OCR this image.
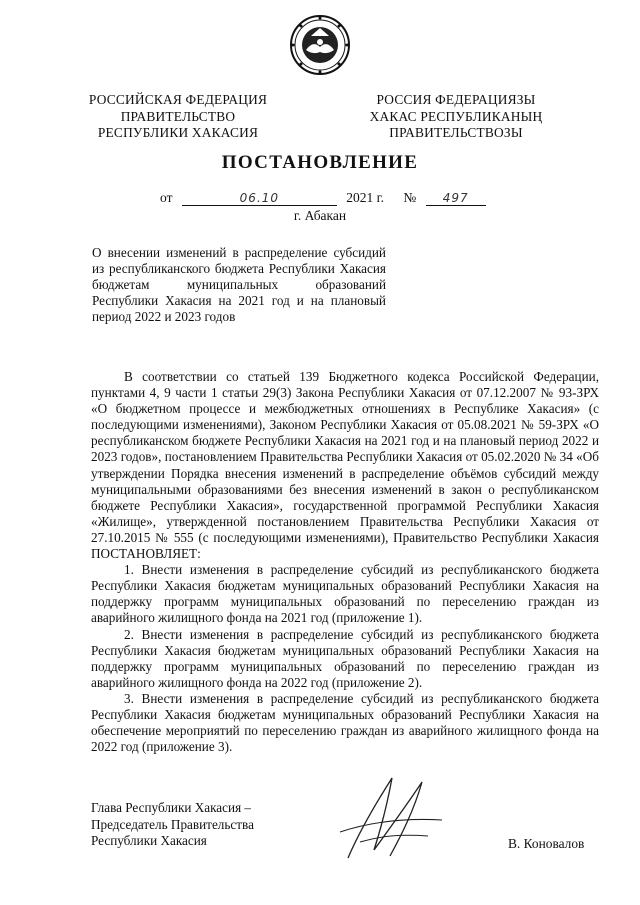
РОССИЙСКАЯ ФЕДЕРАЦИЯ
ПРАВИТЕЛЬСТВО
РЕСПУБЛИКИ ХАКАСИЯ
РОССИЯ ФЕДЕРАЦИЯЗЫ
ХАКАС РЕСПУБЛИКАНЫҢ
ПРАВИТЕЛЬСТВОЗЫ
ПОСТАНОВЛЕНИЕ
от	06.10	2021 г. № 497
г. Абакан
О внесении изменений в распределение субсидий из республиканского бюджета Республики Хакасия бюджетам муниципальных образований Республики Хакасия на 2021 год и на плановый период 2022 и 2023 годов

В соответствии со статьей 139 Бюджетного кодекса Российской Федерации, пунктами 4, 9 части 1 статьи 29(3) Закона Республики Хакасия от 07.12.2007 № 93-ЗРХ «О бюджетном процессе и межбюджетных отношениях в Республике Хакасия» (с последующими изменениями), Законом Республики Хакасия от 05.08.2021 № 59-ЗРХ «О республиканском бюджете Республики Хакасия на 2021 год и на плановый период 2022 и 2023 годов», постановлением Правительства Республики Хакасия от 05.02.2020 № 34 «Об утверждении Порядка внесения изменений в распределение объёмов субсидий между муниципальными образованиями без внесения изменений в закон о республиканском бюджете Республики Хакасия», государственной программой Республики Хакасия «Жилище», утвержденной постановлением Правительства Республики Хакасия от 27.10.2015 № 555 (с последующими изменениями), Правительство Республики Хакасия ПОСТАНОВЛЯЕТ:

1. Внести изменения в распределение субсидий из республиканского бюджета Республики Хакасия бюджетам муниципальных образований Республики Хакасия на поддержку программ муниципальных образований по переселению граждан из аварийного жилищного фонда на 2021 год (приложение 1).

2. Внести изменения в распределение субсидий из республиканского бюджета Республики Хакасия бюджетам муниципальных образований Республики Хакасия на поддержку программ муниципальных образований по переселению граждан из аварийного жилищного фонда на 2022 год (приложение 2).

3. Внести изменения в распределение субсидий из республиканского бюджета Республики Хакасия бюджетам муниципальных образований Республики Хакасия на обеспечение мероприятий по переселению граждан из аварийного жилищного фонда на 2022 год (приложение 3).

Глава Республики Хакасия –
Председатель Правительства
Республики Хакасия	В. Коновалов
